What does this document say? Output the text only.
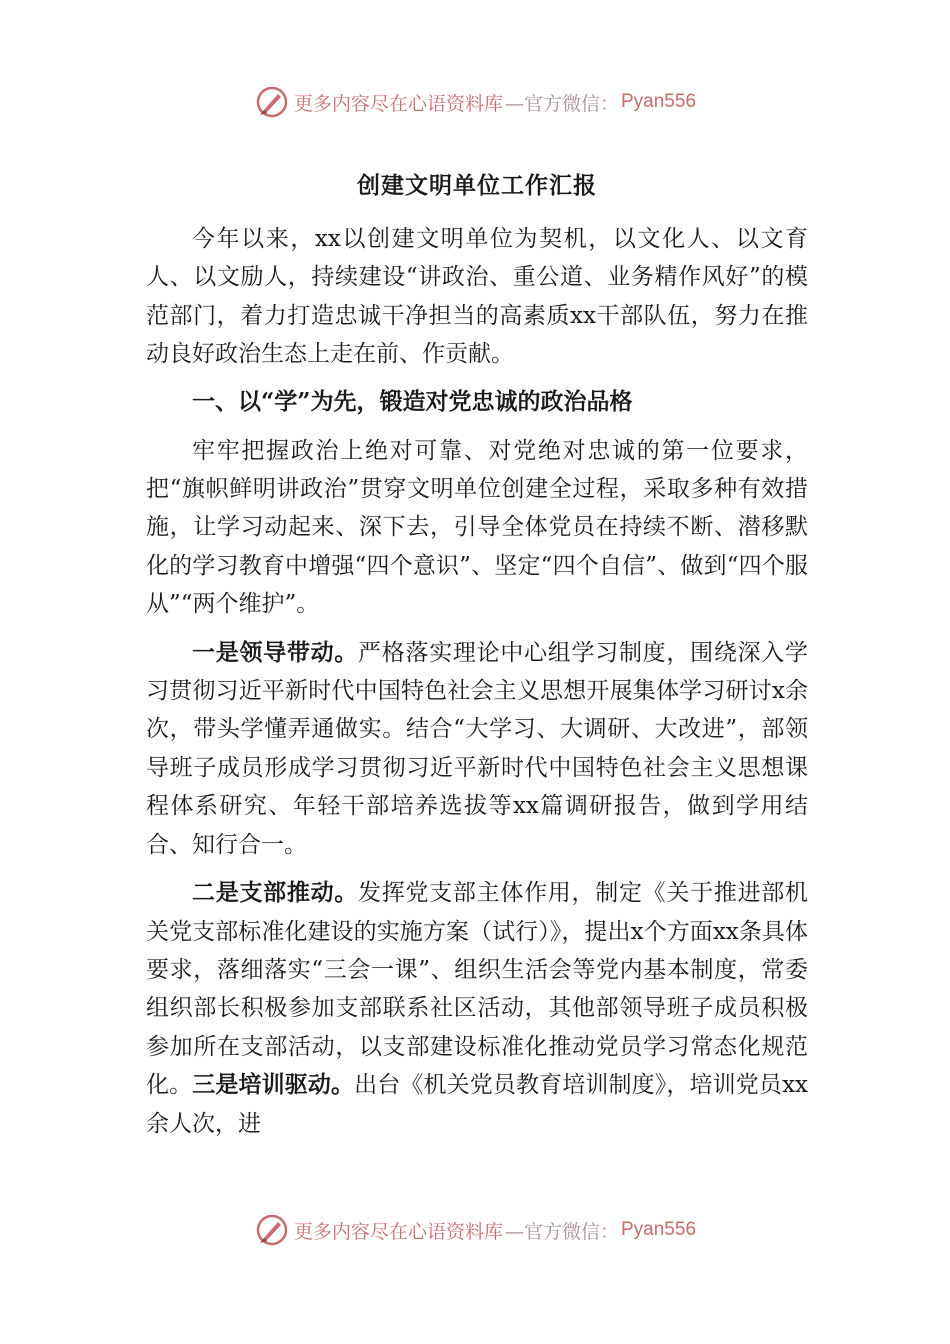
更多内容尽在心语资料库 —官方微信： Pyan556
创建文明单位工作汇报

今年以来，xx以创建文明单位为契机，以文化人、以文育人、以文励人，持续建设“讲政治、重公道、业务精作风好”的模范部门，着力打造忠诚干净担当的高素质xx干部队伍，努力在推动良好政治生态上走在前、作贡献。

一、以“学”为先，锻造对党忠诚的政治品格

牢牢把握政治上绝对可靠、对党绝对忠诚的第一位要求，把“旗帜鲜明讲政治”贯穿文明单位创建全过程，采取多种有效措施，让学习动起来、深下去，引导全体党员在持续不断、潜移默化的学习教育中增强“四个意识”、坚定“四个自信”、做到“四个服从”“两个维护”。

一是领导带动。严格落实理论中心组学习制度，围绕深入学习贯彻习近平新时代中国特色社会主义思想开展集体学习研讨x余次，带头学懂弄通做实。结合“大学习、大调研、大改进”，部领导班子成员形成学习贯彻习近平新时代中国特色社会主义思想课程体系研究、年轻干部培养选拔等xx篇调研报告，做到学用结合、知行合一。

二是支部推动。发挥党支部主体作用，制定《关于推进部机关党支部标准化建设的实施方案（试行）》，提出x个方面xx条具体要求，落细落实“三会一课”、组织生活会等党内基本制度，常委组织部长积极参加支部联系社区活动，其他部领导班子成员积极参加所在支部活动，以支部建设标准化推动党员学习常态化规范化。三是培训驱动。出台《机关党员教育培训制度》，培训党员xx余人次，进

更多内容尽在心语资料库 —官方微信： Pyan556
